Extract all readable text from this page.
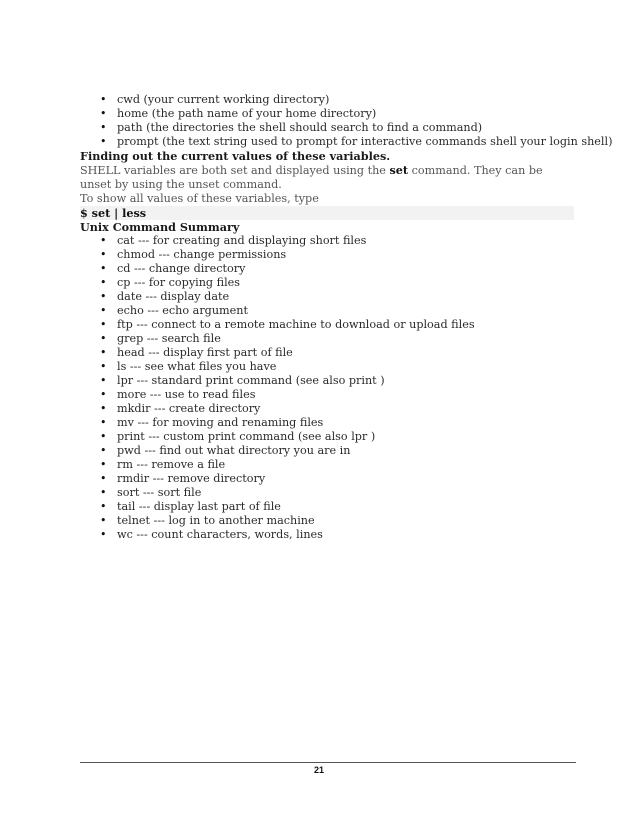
• cwd (your current working directory)
• home (the path name of your home directory)
• path (the directories the shell should search to find a command)
• prompt (the text string used to prompt for interactive commands shell your login shell)

Finding out the current values of these variables.

SHELL variables are both set and displayed using the set command. They can be unset by using the unset command.

To show all values of these variables, type

$ set | less

Unix Command Summary

• cat --- for creating and displaying short files
• chmod --- change permissions
• cd --- change directory
• cp --- for copying files
• date --- display date
• echo --- echo argument
• ftp --- connect to a remote machine to download or upload files
• grep --- search file
• head --- display first part of file
• ls --- see what files you have
• lpr --- standard print command (see also print )
• more --- use to read files
• mkdir --- create directory
• mv --- for moving and renaming files
• print --- custom print command (see also lpr )
• pwd --- find out what directory you are in
• rm --- remove a file
• rmdir --- remove directory
• sort --- sort file
• tail --- display last part of file
• telnet --- log in to another machine
• wc --- count characters, words, lines
21
